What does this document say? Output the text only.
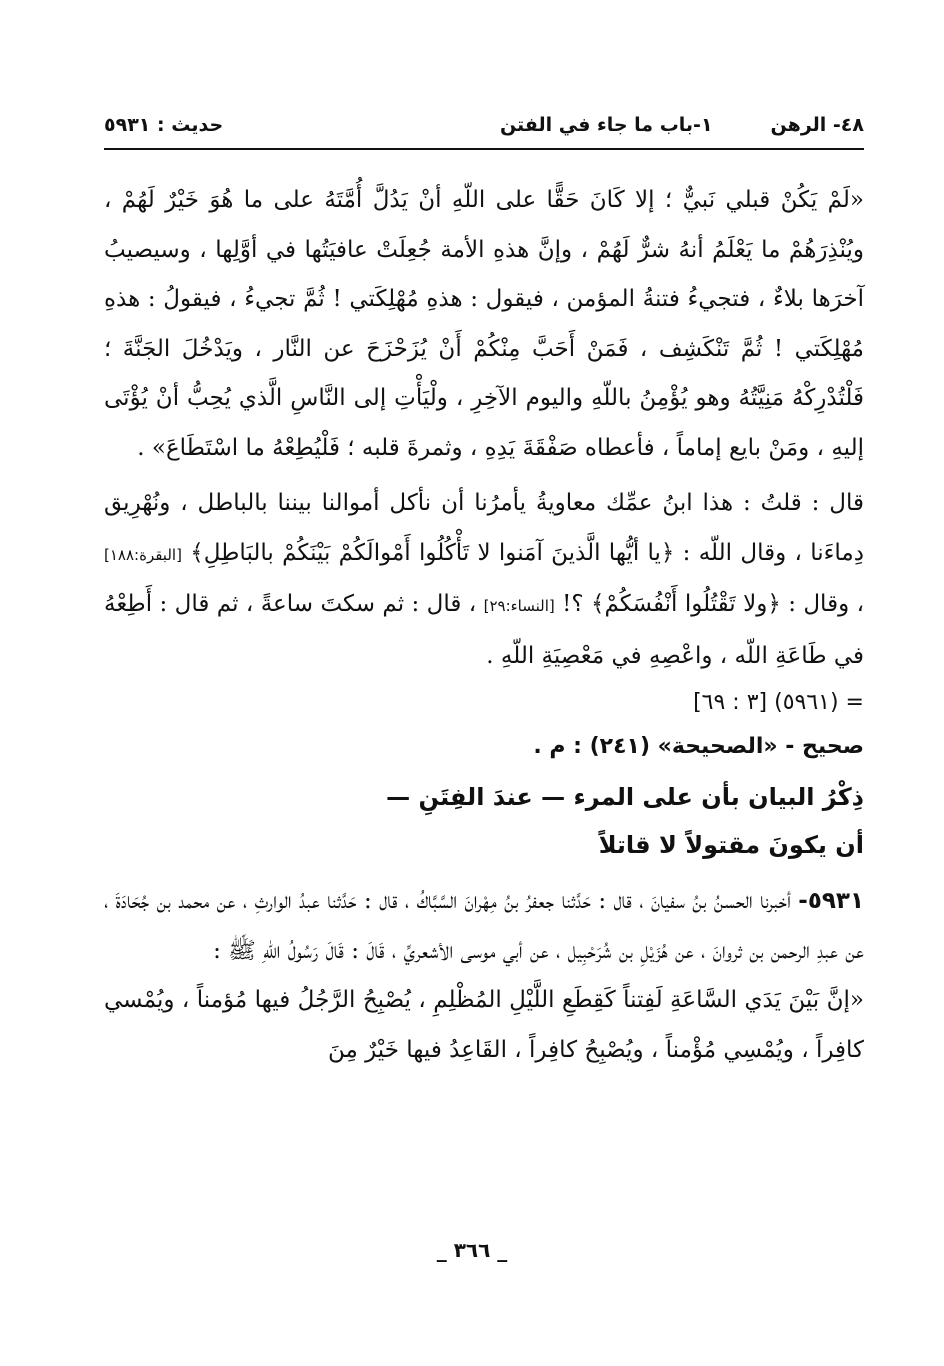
٤٨- الرهن
١-باب ما جاء في الفتن
حديث : ٥٩٣١

«لَمْ يَكُنْ قبلي نَبيٌّ ؛ إلا كَانَ حَقًّا على اللّهِ أنْ يَدُلَّ أُمَّتَهُ على ما هُوَ خَيْرٌ لَهُمْ ، ويُنْذِرَهُمْ ما يَعْلَمُ أنهُ شرٌّ لَهُمْ ، وإنَّ هذهِ الأمة جُعِلَتْ عافيَتُها في أوَّلِها ، وسيصيبُ آخرَها بلاءٌ ، فتجيءُ فتنةُ المؤمن ، فيقول : هذهِ مُهْلِكَتي ! ثُمَّ تجيءُ ، فيقولُ : هذهِ مُهْلِكَتي ! ثُمَّ تَنْكَشِف ، فَمَنْ أَحَبَّ مِنْكُمْ أَنْ يُزَحْزَحَ عن النَّار ، ويَدْخُلَ الجَنَّةَ ؛ فَلْتُدْرِكْهُ مَنِيَّتُهُ وهو يُؤْمِنُ باللّهِ واليوم الآخِرِ ، ولْيَأْتِ إلى النَّاسِ الَّذي يُحِبُّ أنْ يُؤْتَى إليهِ ، ومَنْ بايع إماماً ، فأعطاه صَفْقَةَ يَدِهِ ، وثمرةَ قلبه ؛ فَلْيُطِعْهُ ما اسْتَطَاعَ» .

قال : قلتُ : هذا ابنُ عمِّك معاويةُ يأمرُنا أن نأكل أموالنا بيننا بالباطل ، ونُهْرِيق دِماءَنا ، وقال اللّه : ﴿يا أيُّها الَّذينَ آمَنوا لا تَأْكُلُوا أَمْوالَكُمْ بَيْنَكُمْ بالبَاطِلِ﴾ [البقرة:١٨٨] ، وقال : ﴿ولا تَقْتُلُوا أَنْفُسَكُمْ﴾ ؟! [النساء:٢٩] ، قال : ثم سكتَ ساعةً ، ثم قال : أَطِعْهُ في طَاعَةِ اللّه ، واعْصِهِ في مَعْصِيَةِ اللّهِ .

= (٥٩٦١) [٣ : ٦٩]

صحيح - «الصحيحة» (٢٤١) : م .

ذِكْرُ البيان بأن على المرء — عندَ الفِتَنِ —
أن يكونَ مقتولاً لا قاتلاً

٥٩٣١- أخبرنا الحسنُ بنُ سفيانَ ، قال : حَدَّثنا جعفرُ بنُ مِهْرانَ السَّبَّاكُ ، قال : حَدَّثنا عبدُ الوارثِ ، عن محمد بن جُحَادَةَ ، عن عبدِ الرحمن بن ثروانَ ، عن هُزَيْلِ بن شُرَحْبِيل ، عن أبي موسى الأشعريِّ ، قَالَ : قَالَ رَسُولُ اللّهِ ﷺ :

«إنَّ بَيْنَ يَدَي السَّاعَةِ لَفِتناً كَقِطَعِ اللَّيْلِ المُظْلِمِ ، يُصْبِحُ الرَّجُلُ فيها مُؤمناً ، ويُمْسي كافِراً ، ويُمْسِي مُؤْمناً ، ويُصْبِحُ كافِراً ، القَاعِدُ فيها خَيْرٌ مِنَ

_ ٣٦٦ _
